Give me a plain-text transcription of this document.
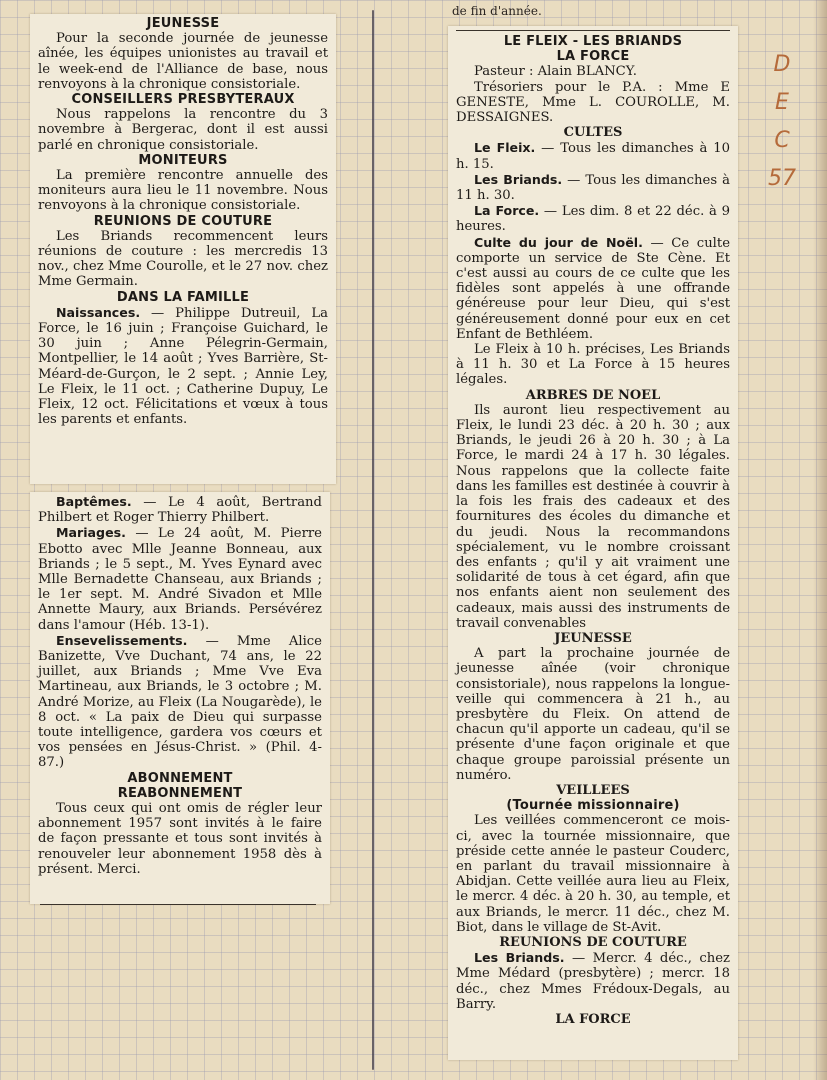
de fin d'année.
JEUNESSE

Pour la seconde journée de jeunesse aînée, les équipes unionistes au travail et le week-end de l'Alliance de base, nous renvoyons à la chronique consistoriale.

CONSEILLERS PRESBYTERAUX

Nous rappelons la rencontre du 3 novembre à Bergerac, dont il est aussi parlé en chronique consistoriale.

MONITEURS

La première rencontre annuelle des moniteurs aura lieu le 11 novembre. Nous renvoyons à la chronique consistoriale.

REUNIONS DE COUTURE

Les Briands recommencent leurs réunions de couture : les mercredis 13 nov., chez Mme Courolle, et le 27 nov. chez Mme Germain.

DANS LA FAMILLE

Naissances. — Philippe Dutreuil, La Force, le 16 juin ; Françoise Guichard, le 30 juin ; Anne Pélegrin-Germain, Montpellier, le 14 août ; Yves Barrière, St-Méard-de-Gurçon, le 2 sept. ; Annie Ley, Le Fleix, le 11 oct. ; Catherine Dupuy, Le Fleix, 12 oct. Félicitations et vœux à tous les parents et enfants.

Baptêmes. — Le 4 août, Bertrand Philbert et Roger Thierry Philbert.

Mariages. — Le 24 août, M. Pierre Ebotto avec Mlle Jeanne Bonneau, aux Briands ; le 5 sept., M. Yves Eynard avec Mlle Bernadette Chanseau, aux Briands ; le 1er sept. M. André Sivadon et Mlle Annette Maury, aux Briands. Persévérez dans l'amour (Héb. 13-1).

Ensevelissements. — Mme Alice Banizette, Vve Duchant, 74 ans, le 22 juillet, aux Briands ; Mme Vve Eva Martineau, aux Briands, le 3 octobre ; M. André Morize, au Fleix (La Nougarède), le 8 oct. « La paix de Dieu qui surpasse toute intelligence, gardera vos cœurs et vos pensées en Jésus-Christ. » (Phil. 4-87.)

ABONNEMENT
REABONNEMENT

Tous ceux qui ont omis de régler leur abonnement 1957 sont invités à le faire de façon pressante et tous sont invités à renouveler leur abonnement 1958 dès à présent. Merci.

LE FLEIX - LES BRIANDS
LA FORCE

Pasteur : Alain BLANCY.

Trésoriers pour le P.A. : Mme E GENESTE, Mme L. COUROLLE, M. DESSAIGNES.

CULTES

Le Fleix. — Tous les dimanches à 10 h. 15.

Les Briands. — Tous les dimanches à 11 h. 30.

La Force. — Les dim. 8 et 22 déc. à 9 heures.

Culte du jour de Noël. — Ce culte comporte un service de Ste Cène. Et c'est aussi au cours de ce culte que les fidèles sont appelés à une offrande généreuse pour leur Dieu, qui s'est généreusement donné pour eux en cet Enfant de Bethléem.

Le Fleix à 10 h. précises, Les Briands à 11 h. 30 et La Force à 15 heures légales.

ARBRES DE NOEL

Ils auront lieu respectivement au Fleix, le lundi 23 déc. à 20 h. 30 ; aux Briands, le jeudi 26 à 20 h. 30 ; à La Force, le mardi 24 à 17 h. 30 légales. Nous rappelons que la collecte faite dans les familles est destinée à couvrir à la fois les frais des cadeaux et des fournitures des écoles du dimanche et du jeudi. Nous la recommandons spécialement, vu le nombre croissant des enfants ; qu'il y ait vraiment une solidarité de tous à cet égard, afin que nos enfants aient non seulement des cadeaux, mais aussi des instruments de travail convenables

JEUNESSE

A part la prochaine journée de jeunesse aînée (voir chronique consistoriale), nous rappelons la longue-veille qui commencera à 21 h., au presbytère du Fleix. On attend de chacun qu'il apporte un cadeau, qu'il se présente d'une façon originale et que chaque groupe paroissial présente un numéro.

VEILLEES
(Tournée missionnaire)

Les veillées commenceront ce mois-ci, avec la tournée missionnaire, que préside cette année le pasteur Couderc, en parlant du travail missionnaire à Abidjan. Cette veillée aura lieu au Fleix, le mercr. 4 déc. à 20 h. 30, au temple, et aux Briands, le mercr. 11 déc., chez M. Biot, dans le village de St-Avit.

REUNIONS DE COUTURE

Les Briands. — Mercr. 4 déc., chez Mme Médard (presbytère) ; mercr. 18 déc., chez Mmes Frédoux-Degals, au Barry.

LA FORCE
D
E
C
57
